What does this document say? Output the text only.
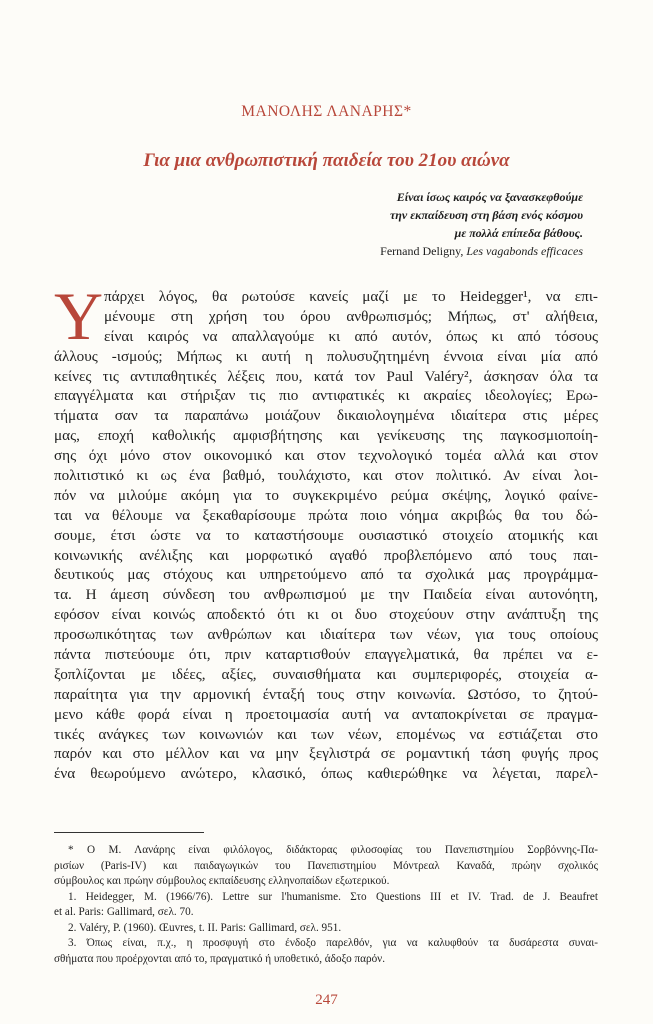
ΜΑΝΟΛΗΣ ΛΑΝΑΡΗΣ*
Για μια ανθρωπιστική παιδεία του 21ου αιώνα
Είναι ίσως καιρός να ξανασκεφθούμε
την εκπαίδευση στη βάση ενός κόσμου
με πολλά επίπεδα βάθους.
Fernand Deligny, Les vagabonds efficaces
Υ πάρχει λόγος, θα ρωτούσε κανείς μαζί με το Heidegger¹, να επι-
μένουμε στη χρήση του όρου ανθρωπισμός; Μήπως, στ' αλήθεια,
είναι καιρός να απαλλαγούμε κι από αυτόν, όπως κι από τόσους
άλλους -ισμούς; Μήπως κι αυτή η πολυσυζητημένη έννοια είναι μία από
κείνες τις αντιπαθητικές λέξεις που, κατά τον Paul Valéry², άσκησαν όλα τα
επαγγέλματα και στήριξαν τις πιο αντιφατικές κι ακραίες ιδεολογίες; Ερω-
τήματα σαν τα παραπάνω μοιάζουν δικαιολογημένα ιδιαίτερα στις μέρες
μας, εποχή καθολικής αμφισβήτησης και γενίκευσης της παγκοσμιοποίη-
σης όχι μόνο στον οικονομικό και στον τεχνολογικό τομέα αλλά και στον
πολιτιστικό κι ως ένα βαθμό, τουλάχιστο, και στον πολιτικό. Αν είναι λοι-
πόν να μιλούμε ακόμη για το συγκεκριμένο ρεύμα σκέψης, λογικό φαίνε-
ται να θέλουμε να ξεκαθαρίσουμε πρώτα ποιο νόημα ακριβώς θα του δώ-
σουμε, έτσι ώστε να το καταστήσουμε ουσιαστικό στοιχείο ατομικής και
κοινωνικής ανέλιξης και μορφωτικό αγαθό προβλεπόμενο από τους παι-
δευτικούς μας στόχους και υπηρετούμενο από τα σχολικά μας προγράμμα-
τα. Η άμεση σύνδεση του ανθρωπισμού με την Παιδεία είναι αυτονόητη,
εφόσον είναι κοινώς αποδεκτό ότι κι οι δυο στοχεύουν στην ανάπτυξη της
προσωπικότητας των ανθρώπων και ιδιαίτερα των νέων, για τους οποίους
πάντα πιστεύουμε ότι, πριν καταρτισθούν επαγγελματικά, θα πρέπει να ε-
ξοπλίζονται με ιδέες, αξίες, συναισθήματα και συμπεριφορές, στοιχεία α-
παραίτητα για την αρμονική ένταξή τους στην κοινωνία. Ωστόσο, το ζητού-
μενο κάθε φορά είναι η προετοιμασία αυτή να ανταποκρίνεται σε πραγμα-
τικές ανάγκες των κοινωνιών και των νέων, επομένως να εστιάζεται στο
παρόν και στο μέλλον και να μην ξεγλιστρά σε ρομαντική τάση φυγής προς
ένα θεωρούμενο ανώτερο, κλασικό, όπως καθιερώθηκε να λέγεται, παρελ-
* Ο Μ. Λανάρης είναι φιλόλογος, διδάκτορας φιλοσοφίας του Πανεπιστημίου Σορβόννης-Πα-
ρισίων (Paris-IV) και παιδαγωγικών του Πανεπιστημίου Μόντρεαλ Καναδά, πρώην σχολικός
σύμβουλος και πρώην σύμβουλος εκπαίδευσης ελληνοπαίδων εξωτερικού.
1. Heidegger, M. (1966/76). Lettre sur l'humanisme. Στο Questions III et IV. Trad. de J. Beaufret
et al. Paris: Gallimard, σελ. 70.
2. Valéry, P. (1960). Œuvres, t. II. Paris: Gallimard, σελ. 951.
3. Όπως είναι, π.χ., η προσφυγή στο ένδοξο παρελθόν, για να καλυφθούν τα δυσάρεστα συναι-
σθήματα που προέρχονται από το, πραγματικό ή υποθετικό, άδοξο παρόν.
247
